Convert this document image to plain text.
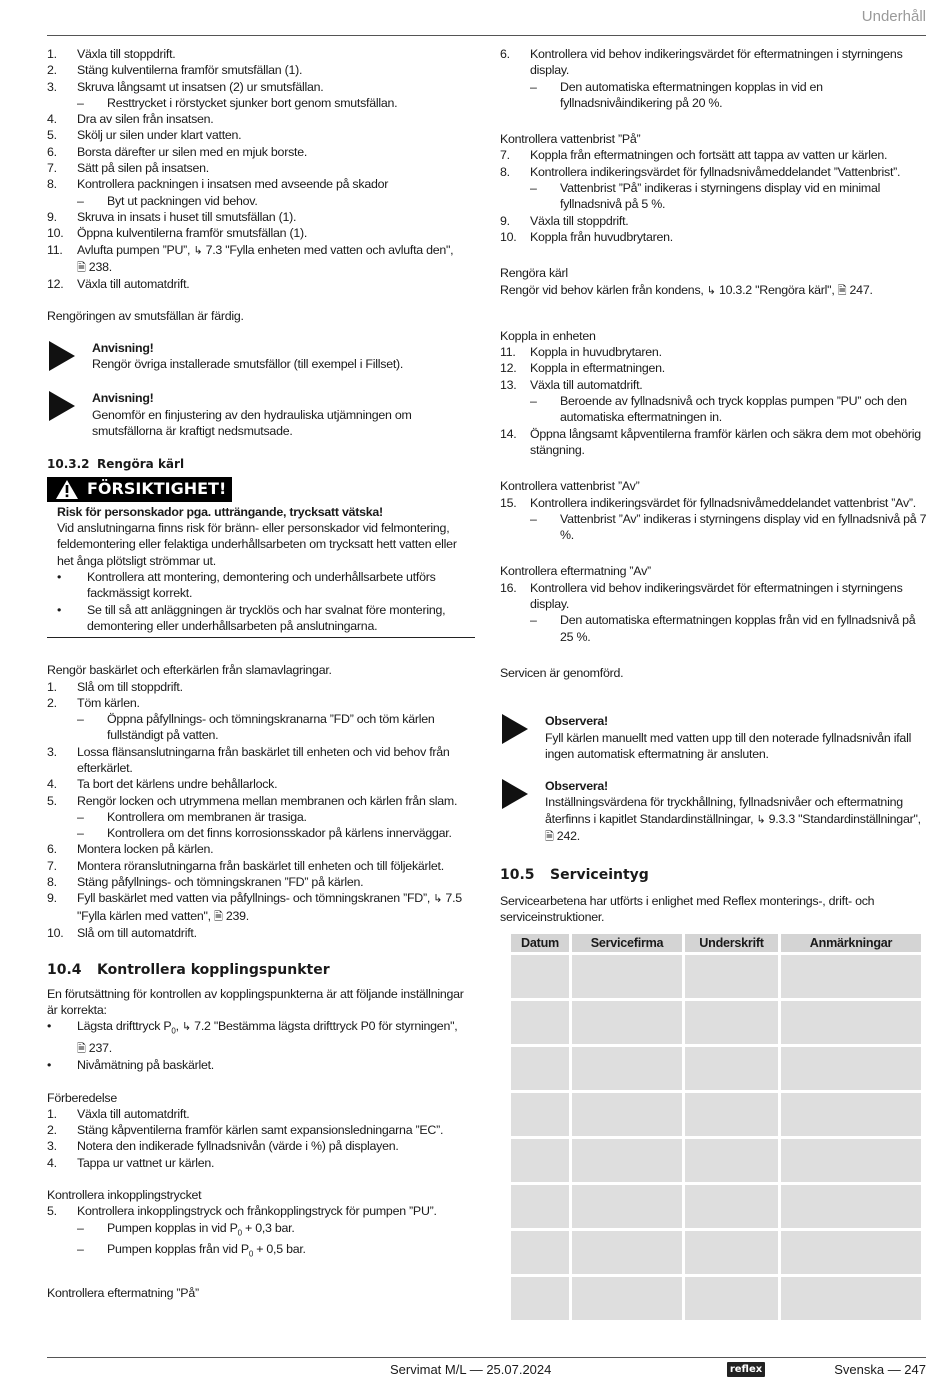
Underhåll
1.	Växla till stoppdrift.
2.	Stäng kulventilerna framför smutsfällan (1).
3.	Skruva långsamt ut insatsen (2) ur smutsfällan.
–	Resttrycket i rörstycket sjunker bort genom smutsfällan.
4.	Dra av silen från insatsen.
5.	Skölj ur silen under klart vatten.
6.	Borsta därefter ur silen med en mjuk borste.
7.	Sätt på silen på insatsen.
8.	Kontrollera packningen i insatsen med avseende på skador
–	Byt ut packningen vid behov.
9.	Skruva in insats i huset till smutsfällan (1).
10.	Öppna kulventilerna framför smutsfällan (1).
11.	Avlufta pumpen ”PU”, ↳ 7.3 "Fylla enheten med vatten och avlufta den",
🗎 238.
12.	Växla till automatdrift.

Rengöringen av smutsfällan är färdig.

Anvisning!
Rengör övriga installerade smutsfällor (till exempel i Fillset).
Anvisning!
Genomför en finjustering av den hydrauliska utjämningen om smutsfällorna är kraftigt nedsmutsade.

10.3.2 Rengöra kärl

FÖRSIKTIGHET!
Risk för personskador pga. utträngande, trycksatt vätska!
Vid anslutningarna finns risk för bränn- eller personskador vid felmontering, feldemontering eller felaktiga underhållsarbeten om trycksatt hett vatten eller het ånga plötsligt strömmar ut.
•	Kontrollera att montering, demontering och underhållsarbete utförs fackmässigt korrekt.
•	Se till så att anläggningen är trycklös och har svalnat före montering, demontering eller underhållsarbeten på anslutningarna.

Rengör baskärlet och efterkärlen från slamavlagringar.

1.	Slå om till stoppdrift.
2.	Töm kärlen.
–	Öppna påfyllnings- och tömningskranarna ”FD” och töm kärlen fullständigt på vatten.
3.	Lossa flänsanslutningarna från baskärlet till enheten och vid behov från efterkärlet.
4.	Ta bort det kärlens undre behållarlock.
5.	Rengör locken och utrymmena mellan membranen och kärlen från slam.
–	Kontrollera om membranen är trasiga.
–	Kontrollera om det finns korrosionsskador på kärlens innerväggar.
6.	Montera locken på kärlen.
7.	Montera röranslutningarna från baskärlet till enheten och till följekärlet.
8.	Stäng påfyllnings- och tömningskranen ”FD” på kärlen.
9.	Fyll baskärlet med vatten via påfyllnings- och tömningskranen ”FD”, ↳ 7.5 "Fylla kärlen med vatten", 🗎 239.
10.	Slå om till automatdrift.

10.4 Kontrollera kopplingspunkter

En förutsättning för kontrollen av kopplingspunkterna är att följande inställningar är korrekta:

•	Lägsta drifttryck $P_0$, ↳ 7.2 "Bestämma lägsta drifttryck P0 för styrningen",
🗎 237.
•	Nivåmätning på baskärlet.

Förberedelse

1.	Växla till automatdrift.
2.	Stäng kåpventilerna framför kärlen samt expansionsledningarna ”EC”.
3.	Notera den indikerade fyllnadsnivån (värde i %) på displayen.
4.	Tappa ur vattnet ur kärlen.

Kontrollera inkopplingstrycket

5.	Kontrollera inkopplingstryck och frånkopplingstryck för pumpen ”PU”.
–	Pumpen kopplas in vid $P_0 + 0,3$ bar.
–	Pumpen kopplas från vid $P_0 + 0,5$ bar.

Kontrollera eftermatning ”På”

6.	Kontrollera vid behov indikeringsvärdet för eftermatningen i styrningens display.
–	Den automatiska eftermatningen kopplas in vid en fyllnadsnivåindikering på 20 %.

Kontrollera vattenbrist ”På”

7.	Koppla från eftermatningen och fortsätt att tappa av vatten ur kärlen.
8.	Kontrollera indikeringsvärdet för fyllnadsnivåmeddelandet ”Vattenbrist”.
–	Vattenbrist ”På” indikeras i styrningens display vid en minimal fyllnadsnivå på 5 %.
9.	Växla till stoppdrift.
10.	Koppla från huvudbrytaren.

Rengöra kärl

Rengör vid behov kärlen från kondens, ↳ 10.3.2 "Rengöra kärl", 🗎 247.

Koppla in enheten

11.	Koppla in huvudbrytaren.
12.	Koppla in eftermatningen.
13.	Växla till automatdrift.
–	Beroende av fyllnadsnivå och tryck kopplas pumpen ”PU” och den automatiska eftermatningen in.
14.	Öppna långsamt kåpventilerna framför kärlen och säkra dem mot obehörig stängning.

Kontrollera vattenbrist ”Av”

15.	Kontrollera indikeringsvärdet för fyllnadsnivåmeddelandet vattenbrist ”Av”.
–	Vattenbrist ”Av” indikeras i styrningens display vid en fyllnadsnivå på 7 %.

Kontrollera eftermatning ”Av”

16.	Kontrollera vid behov indikeringsvärdet för eftermatningen i styrningens display.
–	Den automatiska eftermatningen kopplas från vid en fyllnadsnivå på 25 %.

Servicen är genomförd.

Observera!
Fyll kärlen manuellt med vatten upp till den noterade fyllnadsnivån ifall ingen automatisk eftermatning är ansluten.
Observera!
Inställningsvärdena för tryckhållning, fyllnadsnivåer och eftermatning återfinns i kapitlet Standardinställningar, ↳ 9.3.3 "Standardinställningar", 🗎 242.

10.5 Serviceintyg

Servicearbetena har utförts i enlighet med Reflex monterings-, drift- och serviceinstruktioner.

Datum	Servicefirma	Underskrift	Anmärkningar

Servimat M/L — 25.07.2024	reflex	Svenska — 247
